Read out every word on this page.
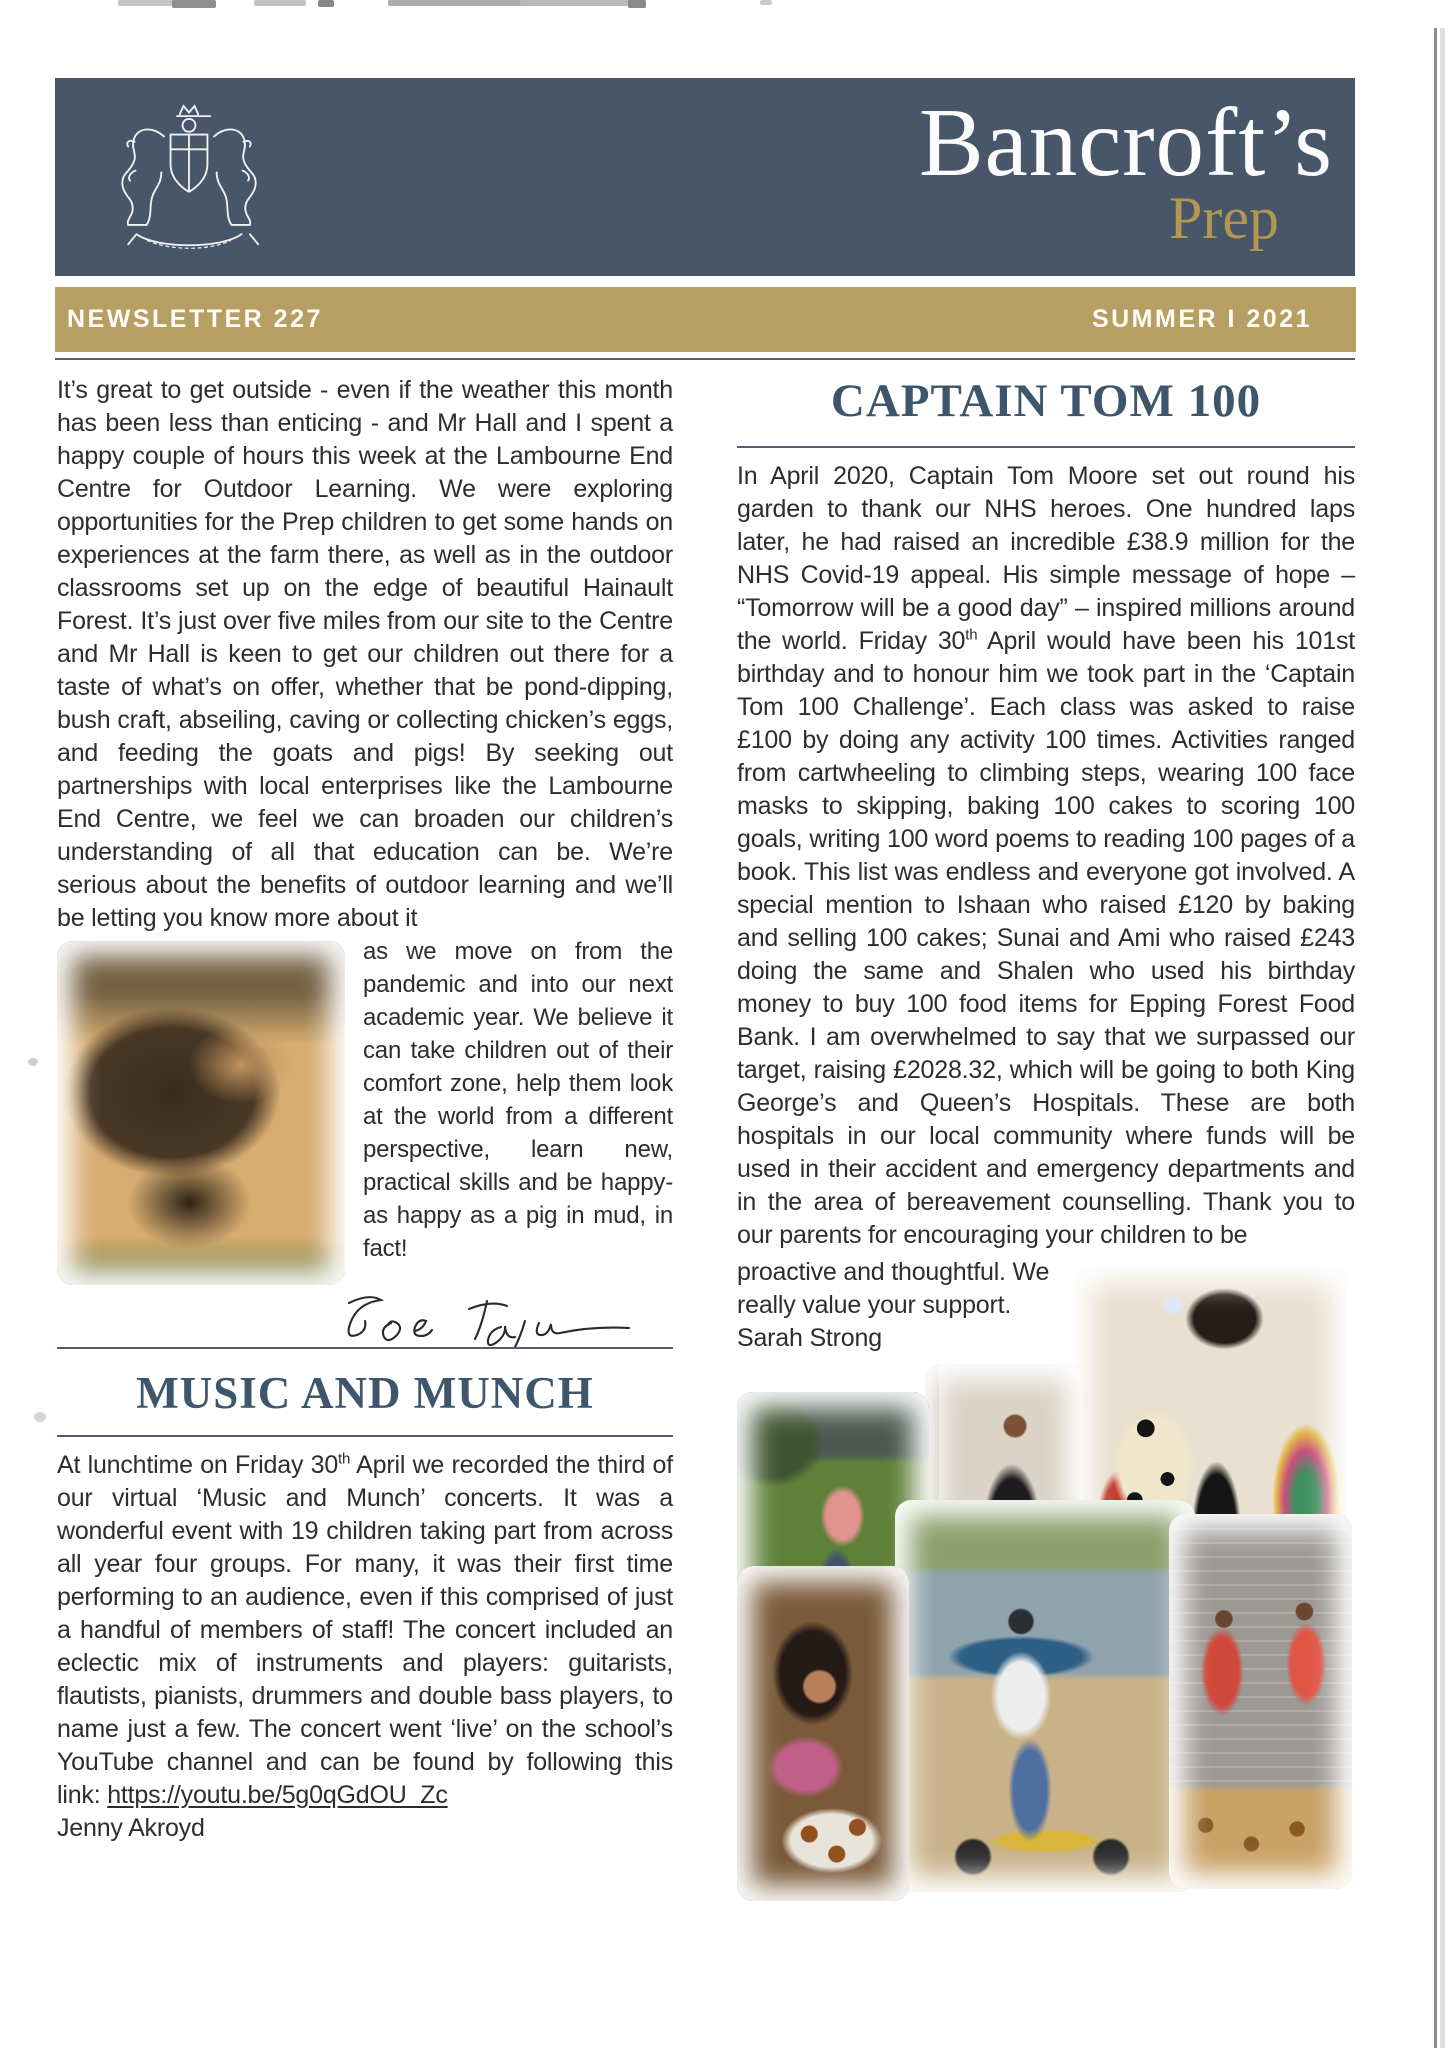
Bancroft’s
Prep
NEWSLETTER 227	SUMMER I 2021
It’s great to get outside - even if the weather this month has been less than enticing - and Mr Hall and I spent a happy couple of hours this week at the Lambourne End Centre for Outdoor Learning. We were exploring opportunities for the Prep children to get some hands on experiences at the farm there, as well as in the outdoor classrooms set up on the edge of beautiful Hainault Forest. It’s just over five miles from our site to the Centre and Mr Hall is keen to get our children out there for a taste of what’s on offer, whether that be pond-dipping, bush craft, abseiling, caving or collecting chicken’s eggs, and feeding the goats and pigs! By seeking out partnerships with local enterprises like the Lambourne End Centre, we feel we can broaden our children’s understanding of all that education can be. We’re serious about the benefits of outdoor learning and we’ll be letting you know more about it
as we move on from the pandemic and into our next academic year. We believe it can take children out of their comfort zone, help them look at the world from a different perspective, learn new, practical skills and be happy- as happy as a pig in mud, in fact!
MUSIC AND MUNCH
At lunchtime on Friday 30th April we recorded the third of our virtual ‘Music and Munch’ concerts. It was a wonderful event with 19 children taking part from across all year four groups. For many, it was their first time performing to an audience, even if this comprised of just a handful of members of staff! The concert included an eclectic mix of instruments and players: guitarists, flautists, pianists, drummers and double bass players, to name just a few. The concert went ‘live’ on the school’s YouTube channel and can be found by following this link: https://youtu.be/5g0qGdOU_Zc
Jenny Akroyd
CAPTAIN TOM 100
In April 2020, Captain Tom Moore set out round his garden to thank our NHS heroes. One hundred laps later, he had raised an incredible £38.9 million for the NHS Covid-19 appeal. His simple message of hope – “Tomorrow will be a good day” – inspired millions around the world. Friday 30th April would have been his 101st birthday and to honour him we took part in the ‘Captain Tom 100 Challenge’. Each class was asked to raise £100 by doing any activity 100 times. Activities ranged from cartwheeling to climbing steps, wearing 100 face masks to skipping, baking 100 cakes to scoring 100 goals, writing 100 word poems to reading 100 pages of a book. This list was endless and everyone got involved. A special mention to Ishaan who raised £120 by baking and selling 100 cakes; Sunai and Ami who raised £243 doing the same and Shalen who used his birthday money to buy 100 food items for Epping Forest Food Bank. I am overwhelmed to say that we surpassed our target, raising £2028.32, which will be going to both King George’s and Queen’s Hospitals. These are both hospitals in our local community where funds will be used in their accident and emergency departments and in the area of bereavement counselling. Thank you to our parents for encouraging your children to be
proactive and thoughtful. We
really value your support.
Sarah Strong
